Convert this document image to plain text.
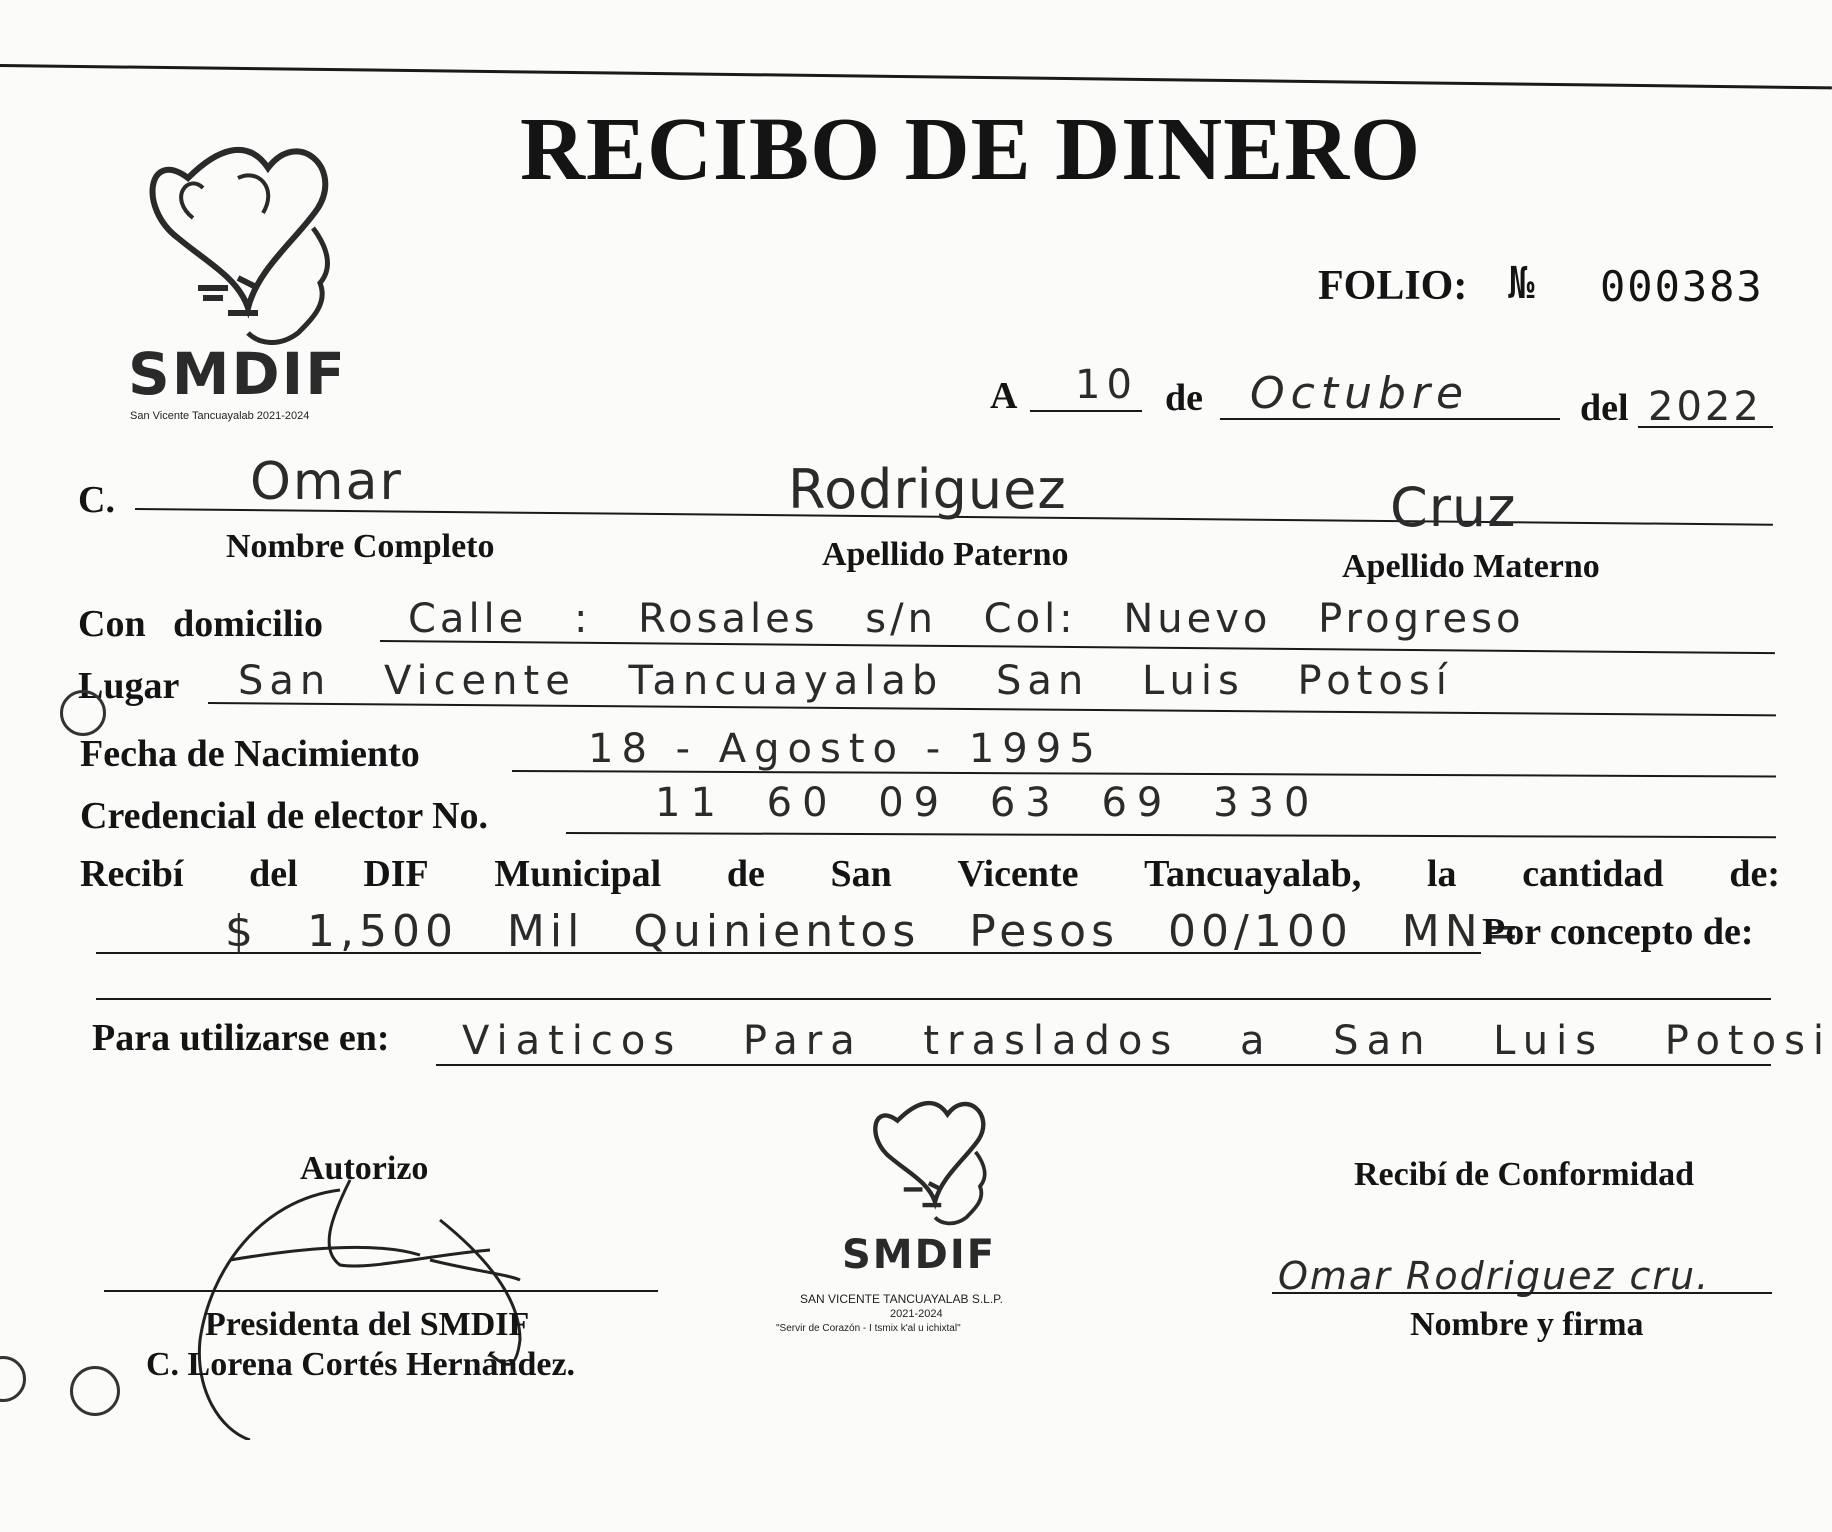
SMDIF
San Vicente Tancuayalab 2021-2024
RECIBO DE DINERO
FOLIO: № 000383
A 10 de Octubre	del 2022
C.	Omar	Rodriguez	Cruz
Nombre Completo	Apellido Paterno	Apellido Materno
Con domicilio Calle : Rosales s/n Col: Nuevo Progreso
Lugar San Vicente Tancuayalab San Luis Potosí
Fecha de Nacimiento	18 - Agosto - 1995
Credencial de elector No.	11 60 09 63 69 330
Recibí del DIF Municipal de San Vicente Tancuayalab, la cantidad de:
$ 1,500 Mil Quinientos Pesos 00/100 MN=
Por concepto de:
Para utilizarse en: Viaticos Para traslados a San Luis Potosi
Autorizo
Presidenta del SMDIF
C. Lorena Cortés Hernández.
SMDIF
SAN VICENTE TANCUAYALAB S.L.P.
2021-2024
"Servir de Corazón - I tsmix k'al u ichixtal"
Recibí de Conformidad
Omar Rodriguez cru.
Nombre y firma
